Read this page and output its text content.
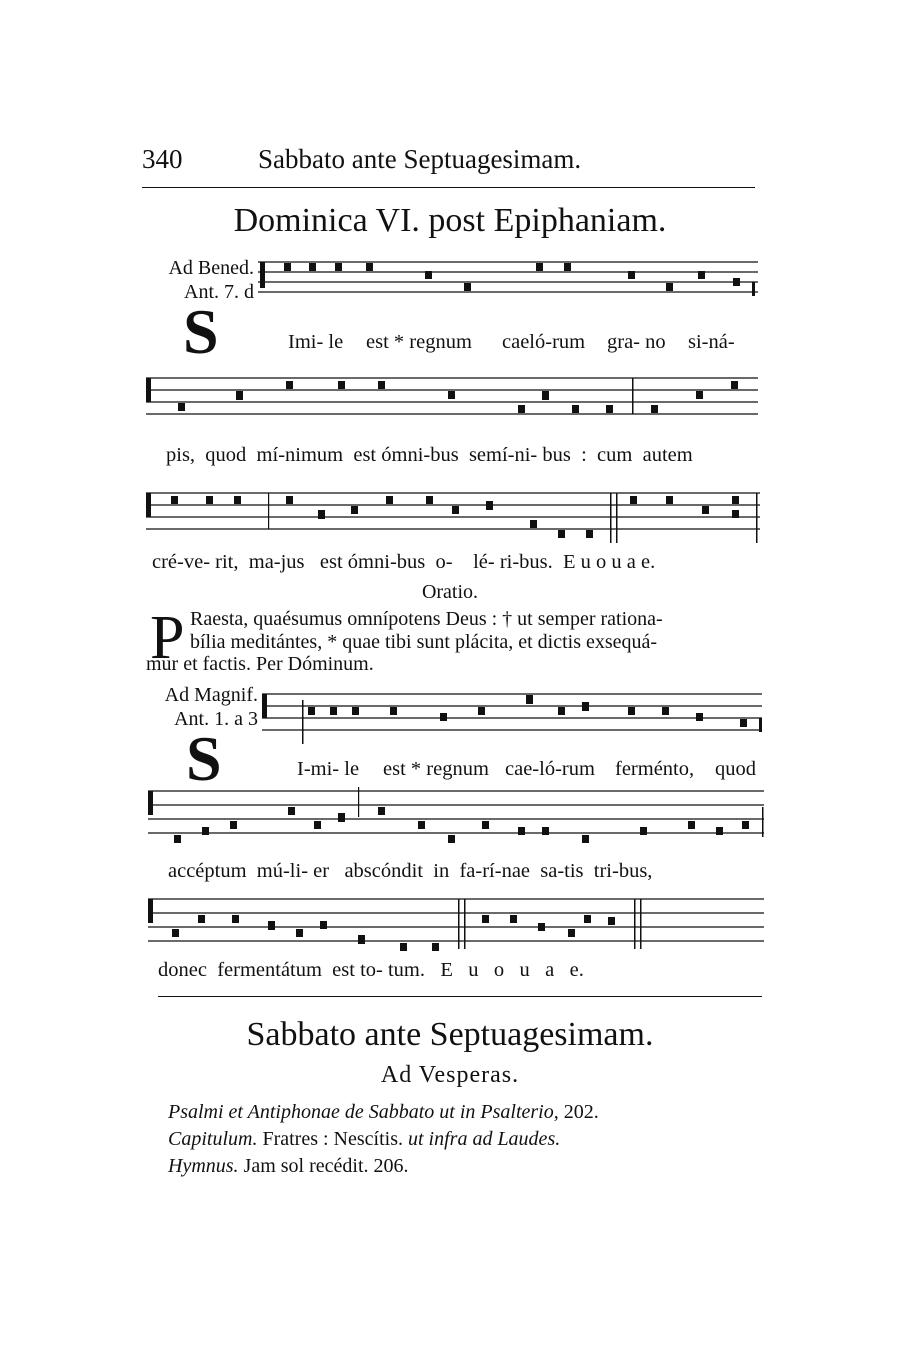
340	Sabbato ante Septuagesimam.
Dominica VI. post Epiphaniam.
Ad Bened.
Ant. 7. d
S	Imi- le est * regnum caeló-rum gra- no si-ná-
pis,  quod  mí-nimum  est ómni-bus  semí-ni- bus  :  cum  autem
cré-ve- rit,  ma-jus   est ómni-bus  o-    lé- ri-bus.  E u o u a e.
Oratio.
P Raesta, quaésumus omnípotens Deus : † ut semper rationa-
bília meditántes, * quae tibi sunt plácita, et dictis exsequá-
mur et factis. Per Dóminum.
Ad Magnif.
Ant. 1. a 3
S	I-mi- le est * regnum cae-ló-rum ferménto, quod
accéptum  mú-li- er   abscóndit  in  fa-rí-nae  sa-tis  tri-bus,
donec  fermentátum  est to- tum.   E   u   o   u   a   e.
Sabbato ante Septuagesimam.
Ad Vesperas.
Psalmi et Antiphonae de Sabbato ut in Psalterio, 202.
Capitulum. Fratres : Nescítis. ut infra ad Laudes.
Hymnus. Jam sol recédit. 206.
